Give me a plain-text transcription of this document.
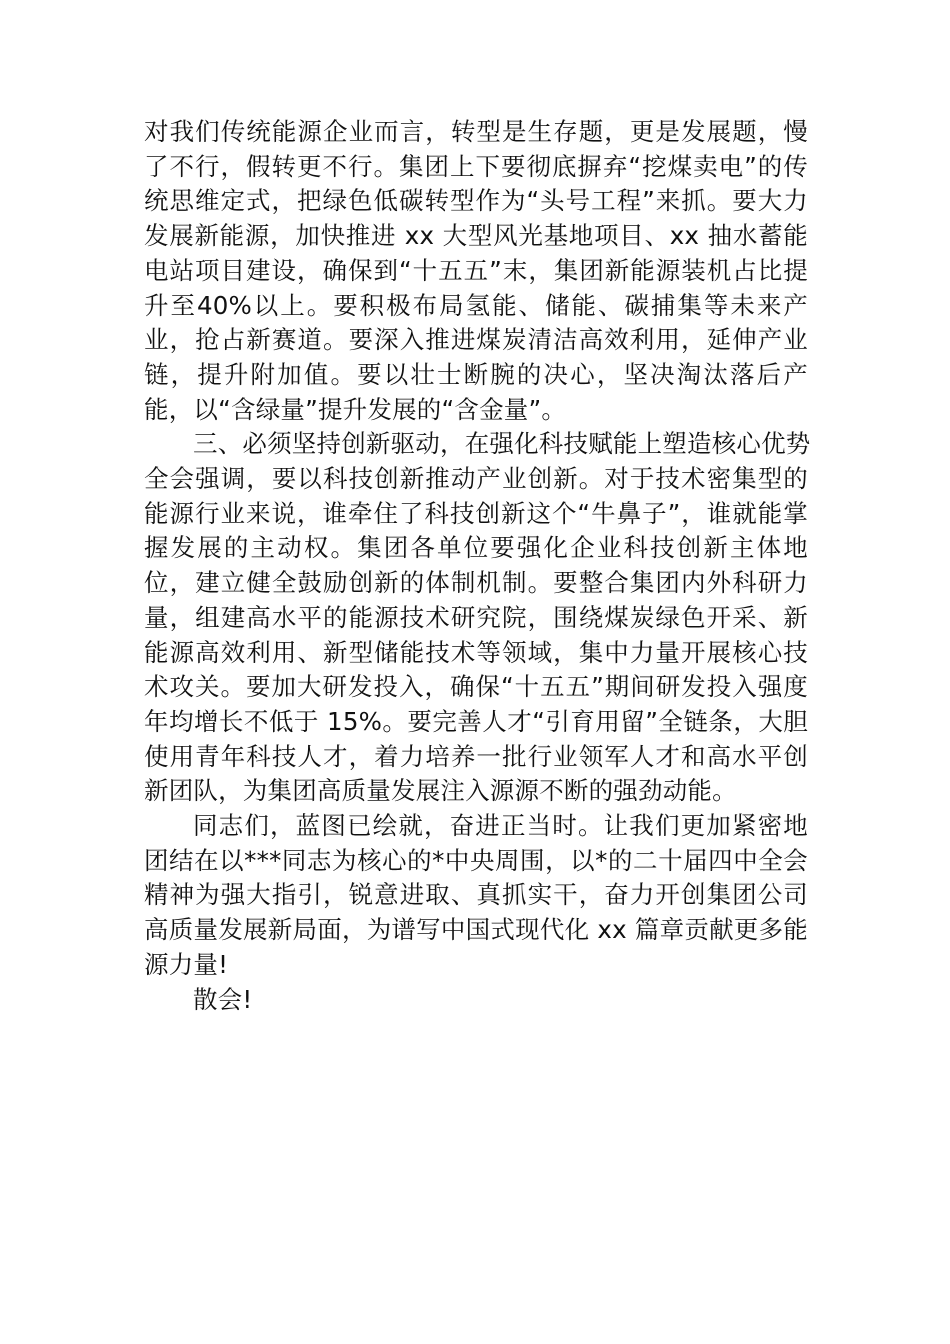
对我们传统能源企业而言，转型是生存题，更是发展题，慢了不行，假转更不行。集团上下要彻底摒弃“挖煤卖电”的传统思维定式，把绿色低碳转型作为“头号工程”来抓。要大力发展新能源，加快推进 xx 大型风光基地项目、xx 抽水蓄能电站项目建设，确保到“十五五”末，集团新能源装机占比提升至40%以上。要积极布局氢能、储能、碳捕集等未来产业，抢占新赛道。要深入推进煤炭清洁高效利用，延伸产业链，提升附加值。要以壮士断腕的决心，坚决淘汰落后产能，以“含绿量”提升发展的“含金量”。

三、必须坚持创新驱动，在强化科技赋能上塑造核心优势

全会强调，要以科技创新推动产业创新。对于技术密集型的能源行业来说，谁牵住了科技创新这个“牛鼻子”，谁就能掌握发展的主动权。集团各单位要强化企业科技创新主体地位，建立健全鼓励创新的体制机制。要整合集团内外科研力量，组建高水平的能源技术研究院，围绕煤炭绿色开采、新能源高效利用、新型储能技术等领域，集中力量开展核心技术攻关。要加大研发投入，确保“十五五”期间研发投入强度年均增长不低于 15%。要完善人才“引育用留”全链条，大胆使用青年科技人才，着力培养一批行业领军人才和高水平创新团队，为集团高质量发展注入源源不断的强劲动能。

同志们，蓝图已绘就，奋进正当时。让我们更加紧密地团结在以***同志为核心的*中央周围，以*的二十届四中全会精神为强大指引，锐意进取、真抓实干，奋力开创集团公司高质量发展新局面，为谱写中国式现代化 xx 篇章贡献更多能源力量!

散会!
